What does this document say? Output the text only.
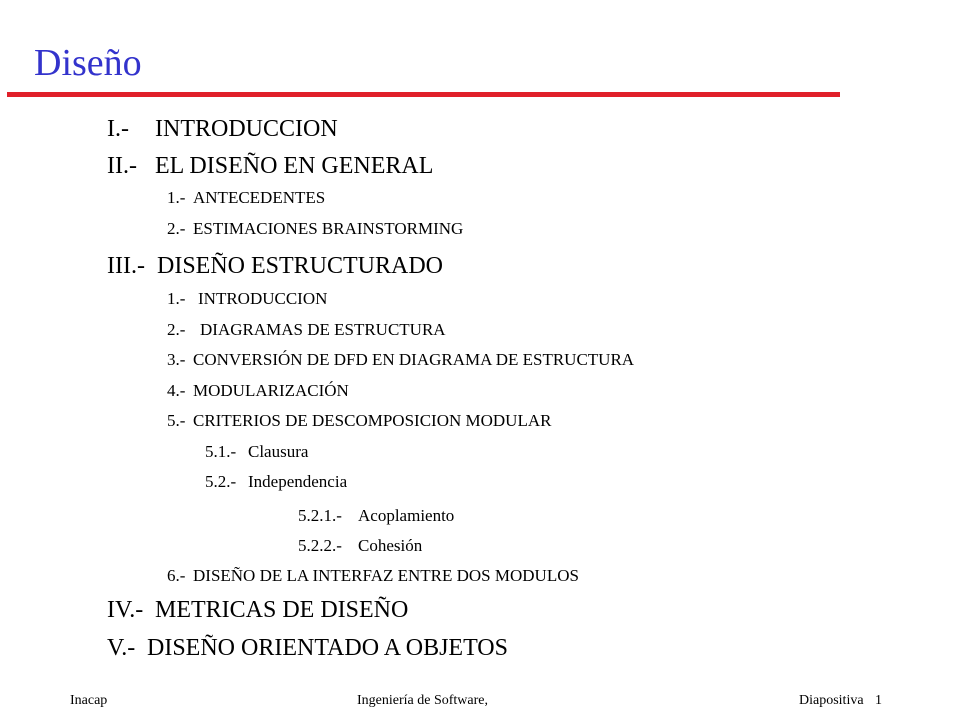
Diseño
I.- INTRODUCCION
II.- EL DISEÑO EN GENERAL
1.- ANTECEDENTES
2.- ESTIMACIONES BRAINSTORMING
III.- DISEÑO ESTRUCTURADO
1.- INTRODUCCION
2.- DIAGRAMAS DE ESTRUCTURA
3.- CONVERSIÓN DE DFD EN DIAGRAMA DE ESTRUCTURA
4.- MODULARIZACIÓN
5.- CRITERIOS DE DESCOMPOSICION MODULAR
5.1.- Clausura
5.2.- Independencia
5.2.1.- Acoplamiento
5.2.2.- Cohesión
6.- DISEÑO DE LA INTERFAZ ENTRE DOS MODULOS
IV.- METRICAS DE DISEÑO
V.- DISEÑO ORIENTADO A OBJETOS
Inacap	Ingeniería de Software,	Diapositiva 1
